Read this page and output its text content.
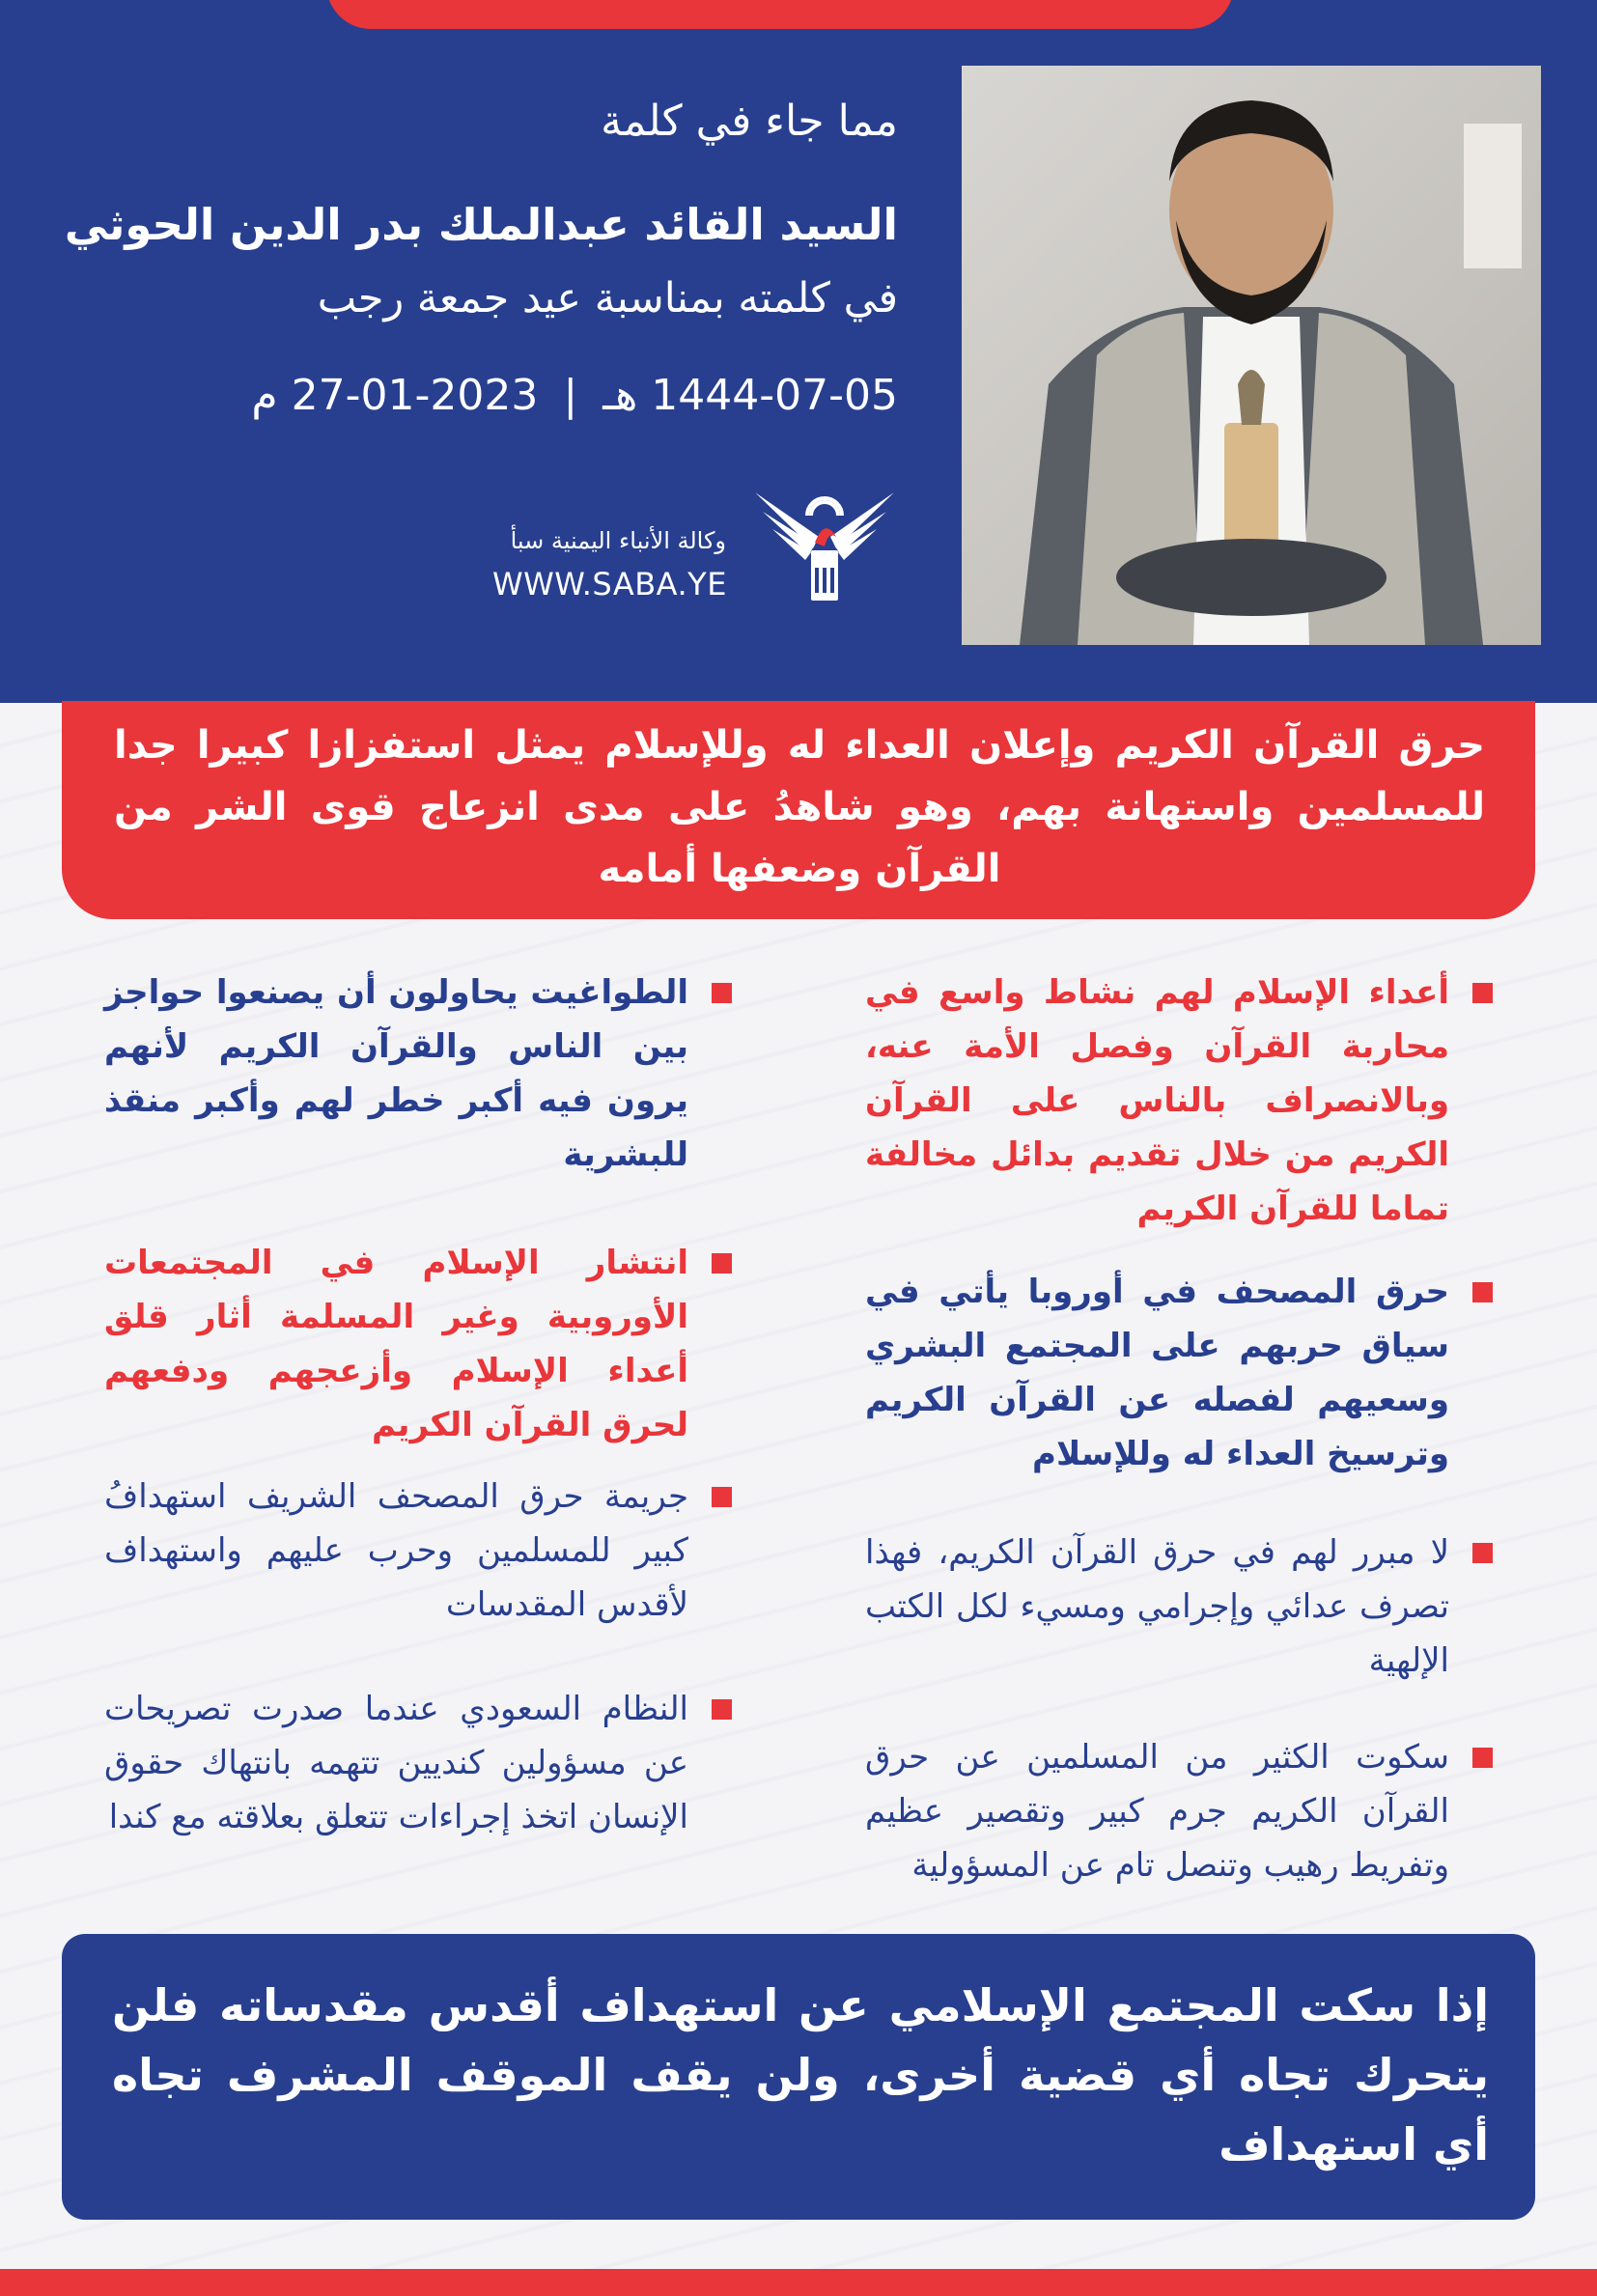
مما جاء في كلمة
السيد القائد عبدالملك بدر الدين الحوثي
في كلمته بمناسبة عيد جمعة رجب
1444-07-05 هـ|2023-01-27 م
وكالة الأنباء اليمنية سبأ
WWW.SABA.YE

حرق القرآن الكريم وإعلان العداء له وللإسلام يمثل استفزازا كبيرا جدا للمسلمين واستهانة بهم، وهو شاهدُ على مدى انزعاج قوى الشر من القرآن وضعفها أمامه

أعداء الإسلام لهم نشاط واسع في محاربة القرآن وفصل الأمة عنه، وبالانصراف بالناس على القرآن الكريم من خلال تقديم بدائل مخالفة تماما للقرآن الكريم

حرق المصحف في أوروبا يأتي في سياق حربهم على المجتمع البشري وسعيهم لفصله عن القرآن الكريم وترسيخ العداء له وللإسلام

لا مبرر لهم في حرق القرآن الكريم، فهذا تصرف عدائي وإجرامي ومسيء لكل الكتب الإلهية

سكوت الكثير من المسلمين عن حرق القرآن الكريم جرم كبير وتقصير عظيم وتفريط رهيب وتنصل تام عن المسؤولية

الطواغيت يحاولون أن يصنعوا حواجز بين الناس والقرآن الكريم لأنهم يرون فيه أكبر خطر لهم وأكبر منقذ للبشرية

انتشار الإسلام في المجتمعات الأوروبية وغير المسلمة أثار قلق أعداء الإسلام وأزعجهم ودفعهم لحرق القرآن الكريم

جريمة حرق المصحف الشريف استهدافُ كبير للمسلمين وحرب عليهم واستهداف لأقدس المقدسات

النظام السعودي عندما صدرت تصريحات عن مسؤولين كنديين تتهمه بانتهاك حقوق الإنسان اتخذ إجراءات تتعلق بعلاقته مع كندا

إذا سكت المجتمع الإسلامي عن استهداف أقدس مقدساته فلن يتحرك تجاه أي قضية أخرى، ولن يقف الموقف المشرف تجاه أي استهداف
